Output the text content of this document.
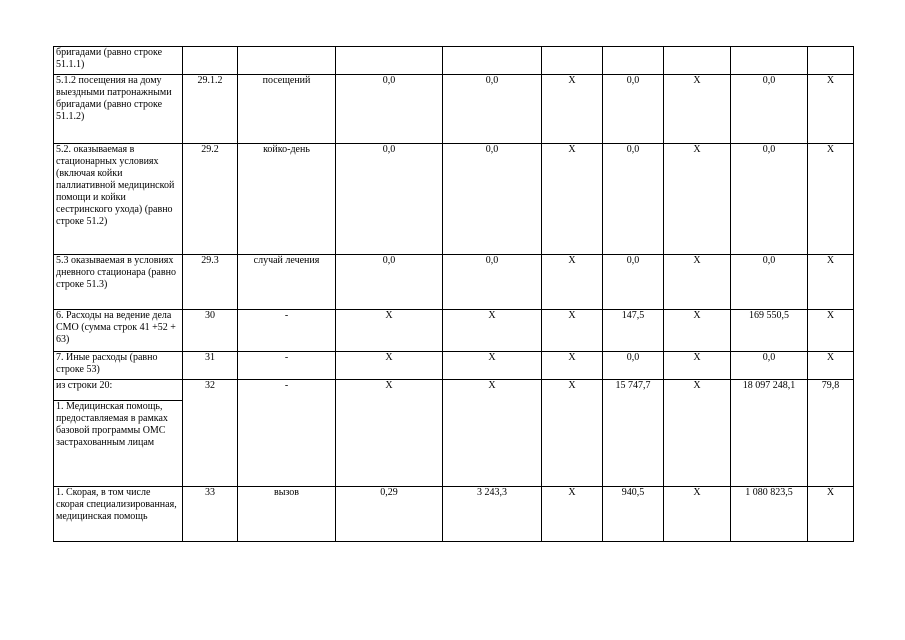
бригадами (равно строке 51.1.1)									
5.1.2 посещения на дому выездными патронажными бригадами (равно строке 51.1.2)	29.1.2	посещений	0,0	0,0	X	0,0	X	0,0	X
5.2. оказываемая в стационарных условиях (включая койки паллиативной медицинской помощи и койки сестринского ухода) (равно строке 51.2)	29.2	койко-день	0,0	0,0	X	0,0	X	0,0	X
5.3 оказываемая в условиях дневного стационара (равно строке 51.3)	29.3	случай лечения	0,0	0,0	X	0,0	X	0,0	X
6. Расходы на ведение дела СМО (сумма строк 41 +52 + 63)	30	-	X	X	X	147,5	X	169 550,5	X
7. Иные расходы (равно строке 53)	31	-	X	X	X	0,0	X	0,0	X
из строки 20:	32	-	X	X	X	15 747,7	X	18 097 248,1	79,8
1. Медицинская помощь, предоставляемая в рамках базовой программы ОМС застрахованным лицам									
1. Скорая, в том числе скорая специализированная, медицинская помощь	33	вызов	0,29	3 243,3	X	940,5	X	1 080 823,5	X
